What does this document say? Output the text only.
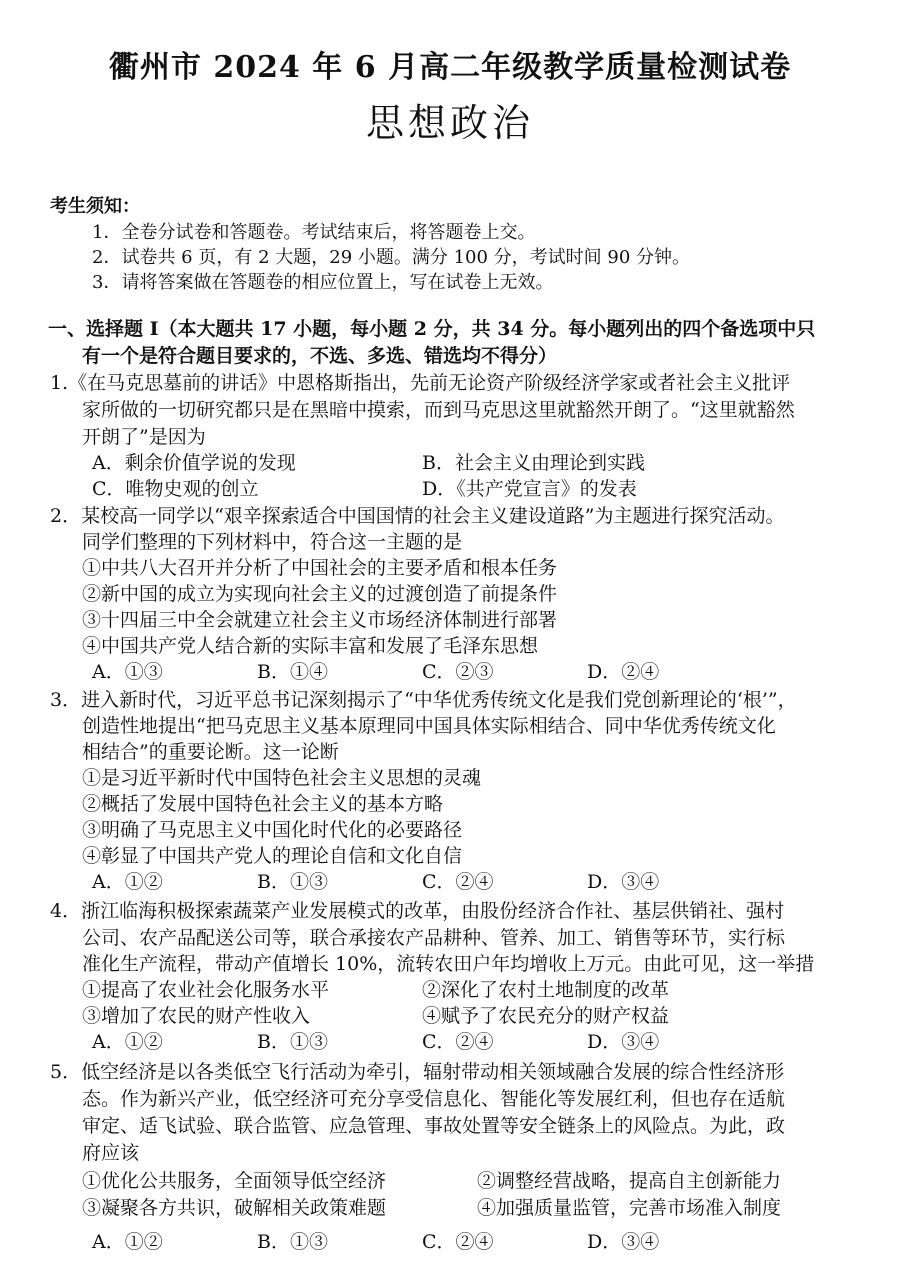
衢州市 2024 年 6 月高二年级教学质量检测试卷
思想政治
考生须知：
1．全卷分试卷和答题卷。考试结束后，将答题卷上交。
2．试卷共 6 页，有 2 大题，29 小题。满分 100 分，考试时间 90 分钟。
3．请将答案做在答题卷的相应位置上，写在试卷上无效。
一、选择题 I（本大题共 17 小题，每小题 2 分，共 34 分。每小题列出的四个备选项中只
有一个是符合题目要求的，不选、多选、错选均不得分）
1.《在马克思墓前的讲话》中恩格斯指出，先前无论资产阶级经济学家或者社会主义批评
家所做的一切研究都只是在黑暗中摸索，而到马克思这里就豁然开朗了。“这里就豁然
开朗了”是因为
A．剩余价值学说的发现	B．社会主义由理论到实践
C．唯物史观的创立	D．《共产党宣言》的发表
2．某校高一同学以“艰辛探索适合中国国情的社会主义建设道路”为主题进行探究活动。
同学们整理的下列材料中，符合这一主题的是
①中共八大召开并分析了中国社会的主要矛盾和根本任务
②新中国的成立为实现向社会主义的过渡创造了前提条件
③十四届三中全会就建立社会主义市场经济体制进行部署
④中国共产党人结合新的实际丰富和发展了毛泽东思想
A．①③	B．①④	C．②③	D．②④
3．进入新时代，习近平总书记深刻揭示了“中华优秀传统文化是我们党创新理论的‘根’”，
创造性地提出“把马克思主义基本原理同中国具体实际相结合、同中华优秀传统文化
相结合”的重要论断。这一论断
①是习近平新时代中国特色社会主义思想的灵魂
②概括了发展中国特色社会主义的基本方略
③明确了马克思主义中国化时代化的必要路径
④彰显了中国共产党人的理论自信和文化自信
A．①②	B．①③	C．②④	D．③④
4．浙江临海积极探索蔬菜产业发展模式的改革，由股份经济合作社、基层供销社、强村
公司、农产品配送公司等，联合承接农产品耕种、管养、加工、销售等环节，实行标
准化生产流程，带动产值增长 10%，流转农田户年均增收上万元。由此可见，这一举措
①提高了农业社会化服务水平	②深化了农村土地制度的改革
③增加了农民的财产性收入	④赋予了农民充分的财产权益
A．①②	B．①③	C．②④	D．③④
5．低空经济是以各类低空飞行活动为牵引，辐射带动相关领域融合发展的综合性经济形
态。作为新兴产业，低空经济可充分享受信息化、智能化等发展红利，但也存在适航
审定、适飞试验、联合监管、应急管理、事故处置等安全链条上的风险点。为此，政
府应该
①优化公共服务，全面领导低空经济	②调整经营战略，提高自主创新能力
③凝聚各方共识，破解相关政策难题	④加强质量监管，完善市场准入制度
A．①②	B．①③	C．②④	D．③④
